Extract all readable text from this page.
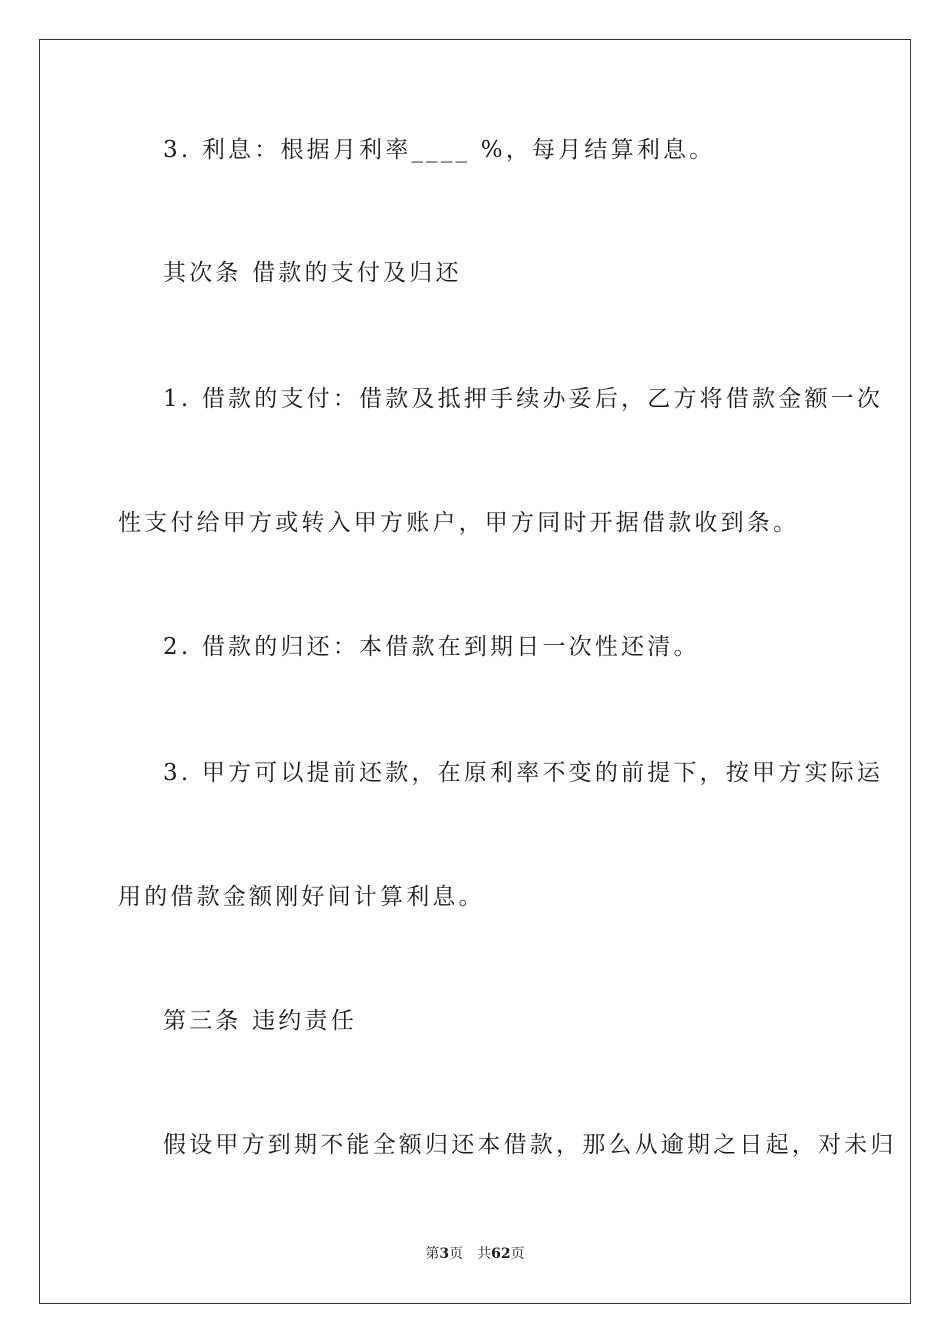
3. 利息：根据月利率____ %，每月结算利息。
其次条 借款的支付及归还
1. 借款的支付：借款及抵押手续办妥后，乙方将借款金额一次
性支付给甲方或转入甲方账户，甲方同时开据借款收到条。
2. 借款的归还：本借款在到期日一次性还清。
3. 甲方可以提前还款，在原利率不变的前提下，按甲方实际运
用的借款金额刚好间计算利息。
第三条 违约责任
假设甲方到期不能全额归还本借款，那么从逾期之日起，对未归
第3页 共62页
